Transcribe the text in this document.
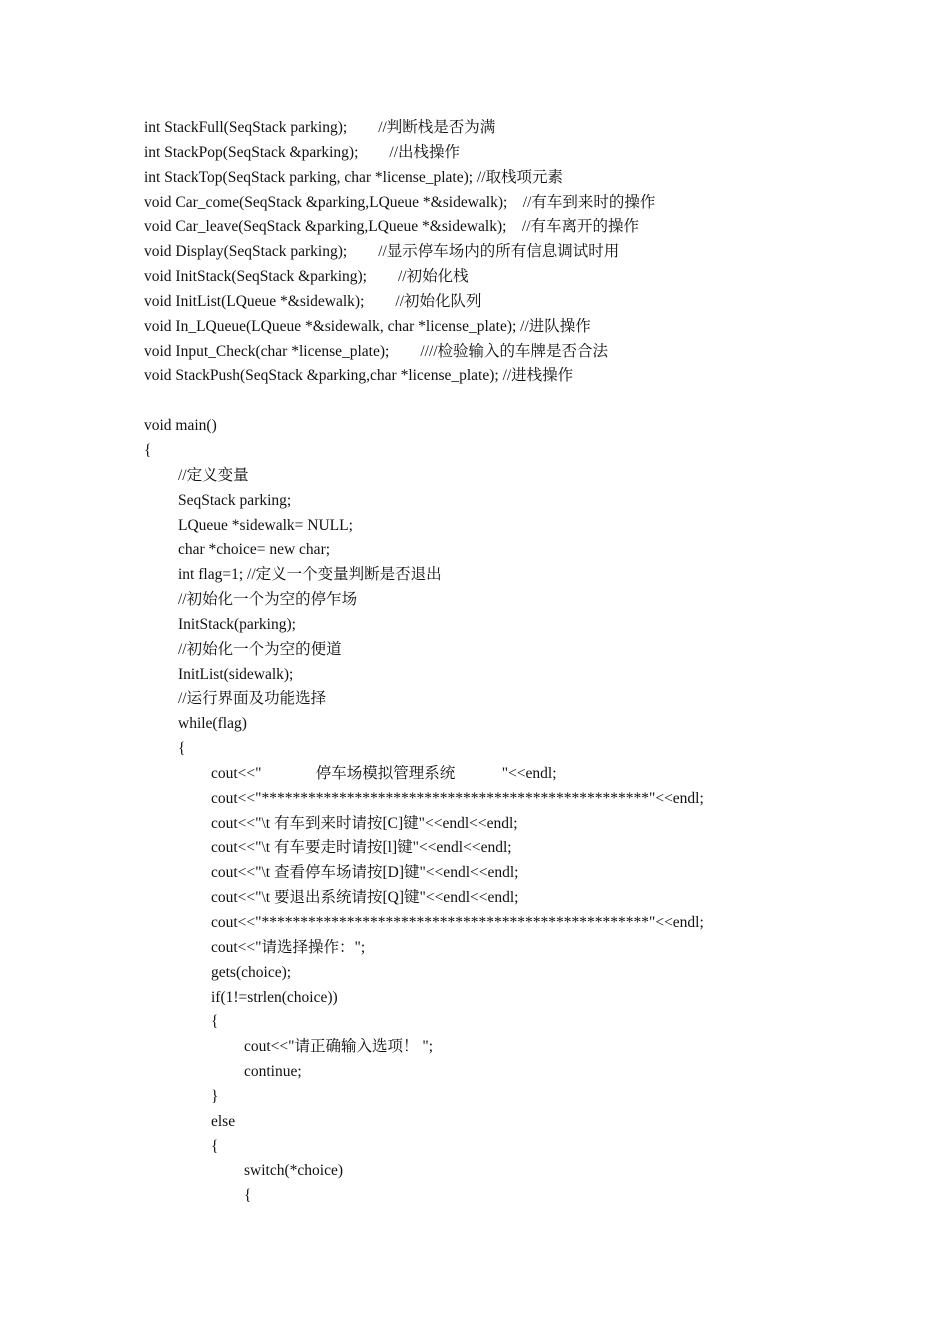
int StackFull(SeqStack parking);        //判断栈是否为满
int StackPop(SeqStack &parking);        //出栈操作
int StackTop(SeqStack parking, char *license_plate); //取栈项元素
void Car_come(SeqStack &parking,LQueue *&sidewalk);    //有车到来时的操作
void Car_leave(SeqStack &parking,LQueue *&sidewalk);    //有车离开的操作
void Display(SeqStack parking);        //显示停车场内的所有信息调试时用
void InitStack(SeqStack &parking);        //初始化栈
void InitList(LQueue *&sidewalk);        //初始化队列
void In_LQueue(LQueue *&sidewalk, char *license_plate); //进队操作
void Input_Check(char *license_plate);        ////检验输入的车牌是否合法
void StackPush(SeqStack &parking,char *license_plate); //进栈操作
void main()
{
//定义变量
SeqStack parking;
LQueue *sidewalk= NULL;
char *choice= new char;
int flag=1; //定义一个变量判断是否退出
//初始化一个为空的停乍场
InitStack(parking);
//初始化一个为空的便道
InitList(sidewalk);
//运行界面及功能选择
while(flag)
{
cout<<"              停车场模拟管理系统            "<<endl;
cout<<"**************************************************"<<endl;
cout<<"\t 有车到来时请按[C]键"<<endl<<endl;
cout<<"\t 有车要走时请按[l]键"<<endl<<endl;
cout<<"\t 查看停车场请按[D]键"<<endl<<endl;
cout<<"\t 要退出系统请按[Q]键"<<endl<<endl;
cout<<"**************************************************"<<endl;
cout<<"请选择操作：";
gets(choice);
if(1!=strlen(choice))
{
cout<<"请正确输入选项！ ";
continue;
}
else
{
switch(*choice)
{
